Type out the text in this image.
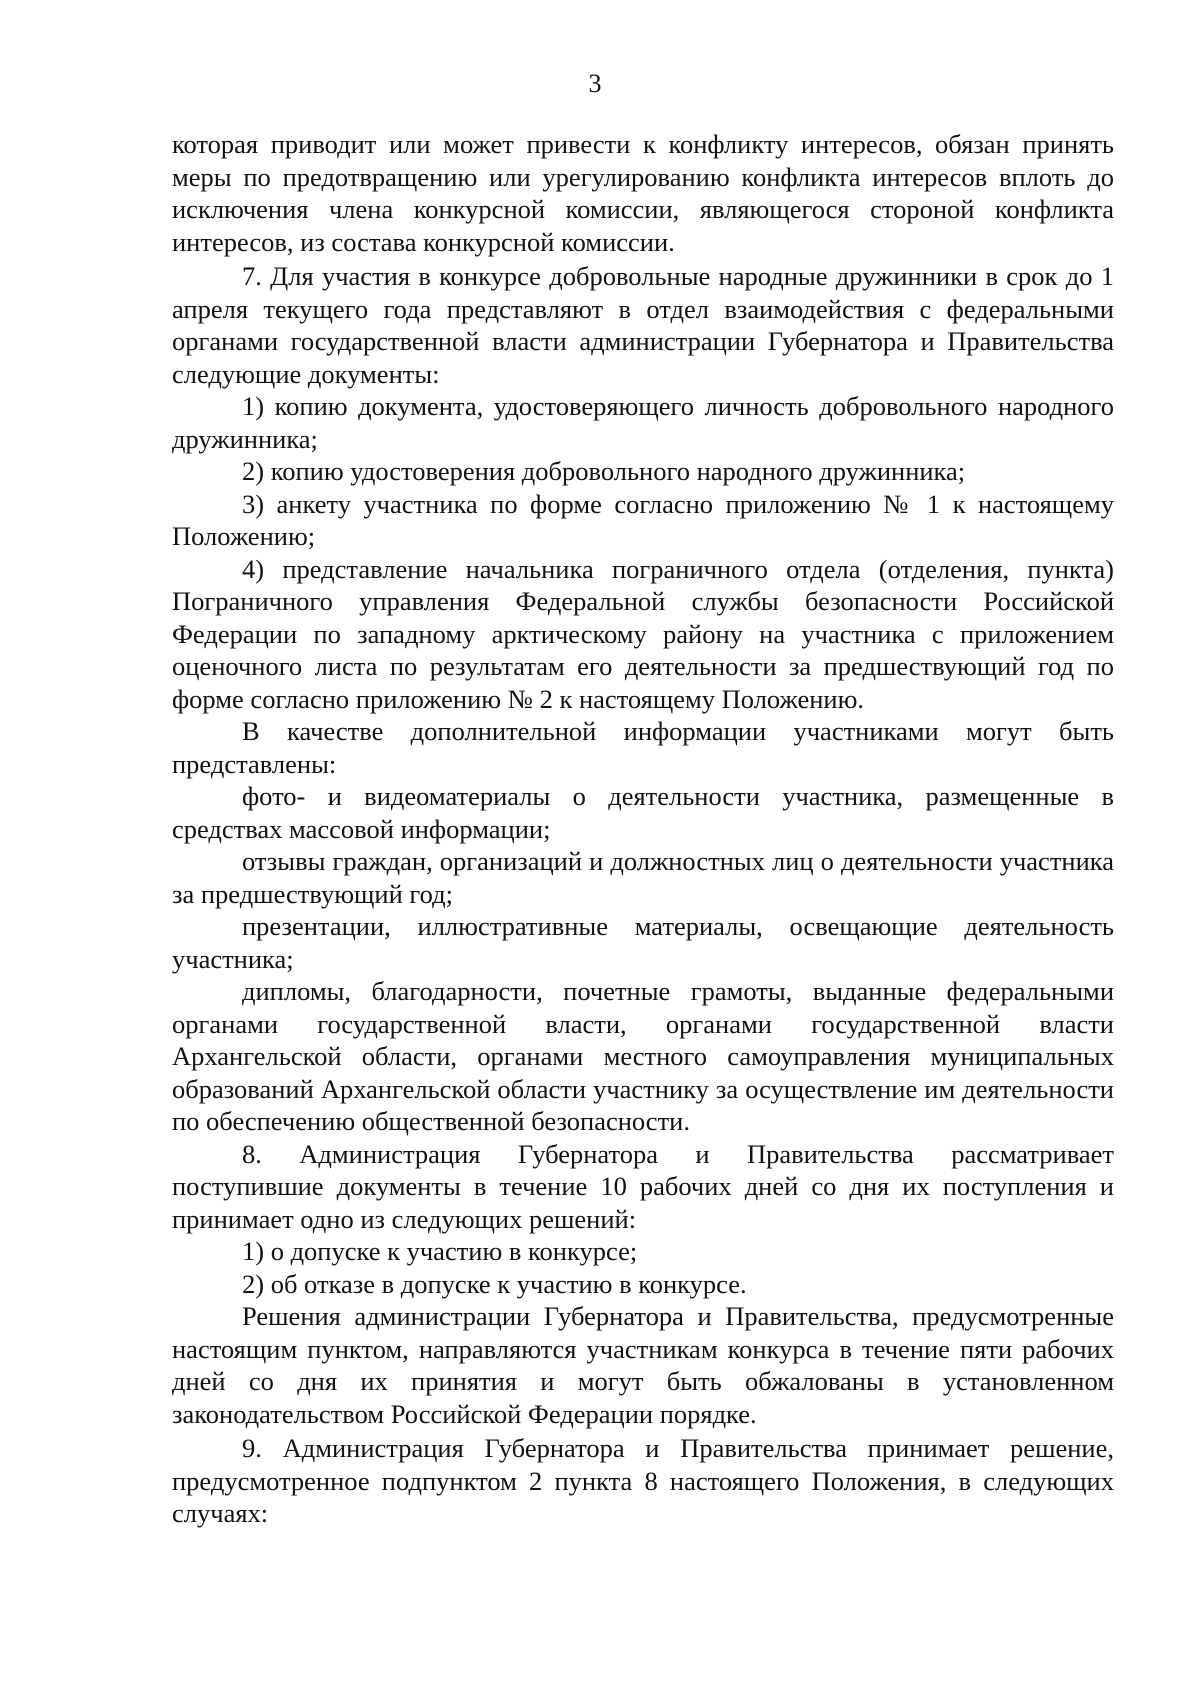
3

которая приводит или может привести к конфликту интересов, обязан принять меры по предотвращению или урегулированию конфликта интересов вплоть до исключения члена конкурсной комиссии, являющегося стороной конфликта интересов, из состава конкурсной комиссии.

7. Для участия в конкурсе добровольные народные дружинники в срок до 1 апреля текущего года представляют в отдел взаимодействия с федеральными органами государственной власти администрации Губернатора и Правительства следующие документы:

1) копию документа, удостоверяющего личность добровольного народного дружинника;

2) копию удостоверения добровольного народного дружинника;

3) анкету участника по форме согласно приложению № 1 к настоящему Положению;

4) представление начальника пограничного отдела (отделения, пункта) Пограничного управления Федеральной службы безопасности Российской Федерации по западному арктическому району на участника с приложением оценочного листа по результатам его деятельности за предшествующий год по форме согласно приложению № 2 к настоящему Положению.

В качестве дополнительной информации участниками могут быть представлены:

фото- и видеоматериалы о деятельности участника, размещенные в средствах массовой информации;

отзывы граждан, организаций и должностных лиц о деятельности участника за предшествующий год;

презентации, иллюстративные материалы, освещающие деятельность участника;

дипломы, благодарности, почетные грамоты, выданные федеральными органами государственной власти, органами государственной власти Архангельской области, органами местного самоуправления муниципальных образований Архангельской области участнику за осуществление им деятельности по обеспечению общественной безопасности.

8. Администрация Губернатора и Правительства рассматривает поступившие документы в течение 10 рабочих дней со дня их поступления и принимает одно из следующих решений:

1) о допуске к участию в конкурсе;

2) об отказе в допуске к участию в конкурсе.

Решения администрации Губернатора и Правительства, предусмотренные настоящим пунктом, направляются участникам конкурса в течение пяти рабочих дней со дня их принятия и могут быть обжалованы в установленном законодательством Российской Федерации порядке.

9. Администрация Губернатора и Правительства принимает решение, предусмотренное подпунктом 2 пункта 8 настоящего Положения, в следующих случаях:
